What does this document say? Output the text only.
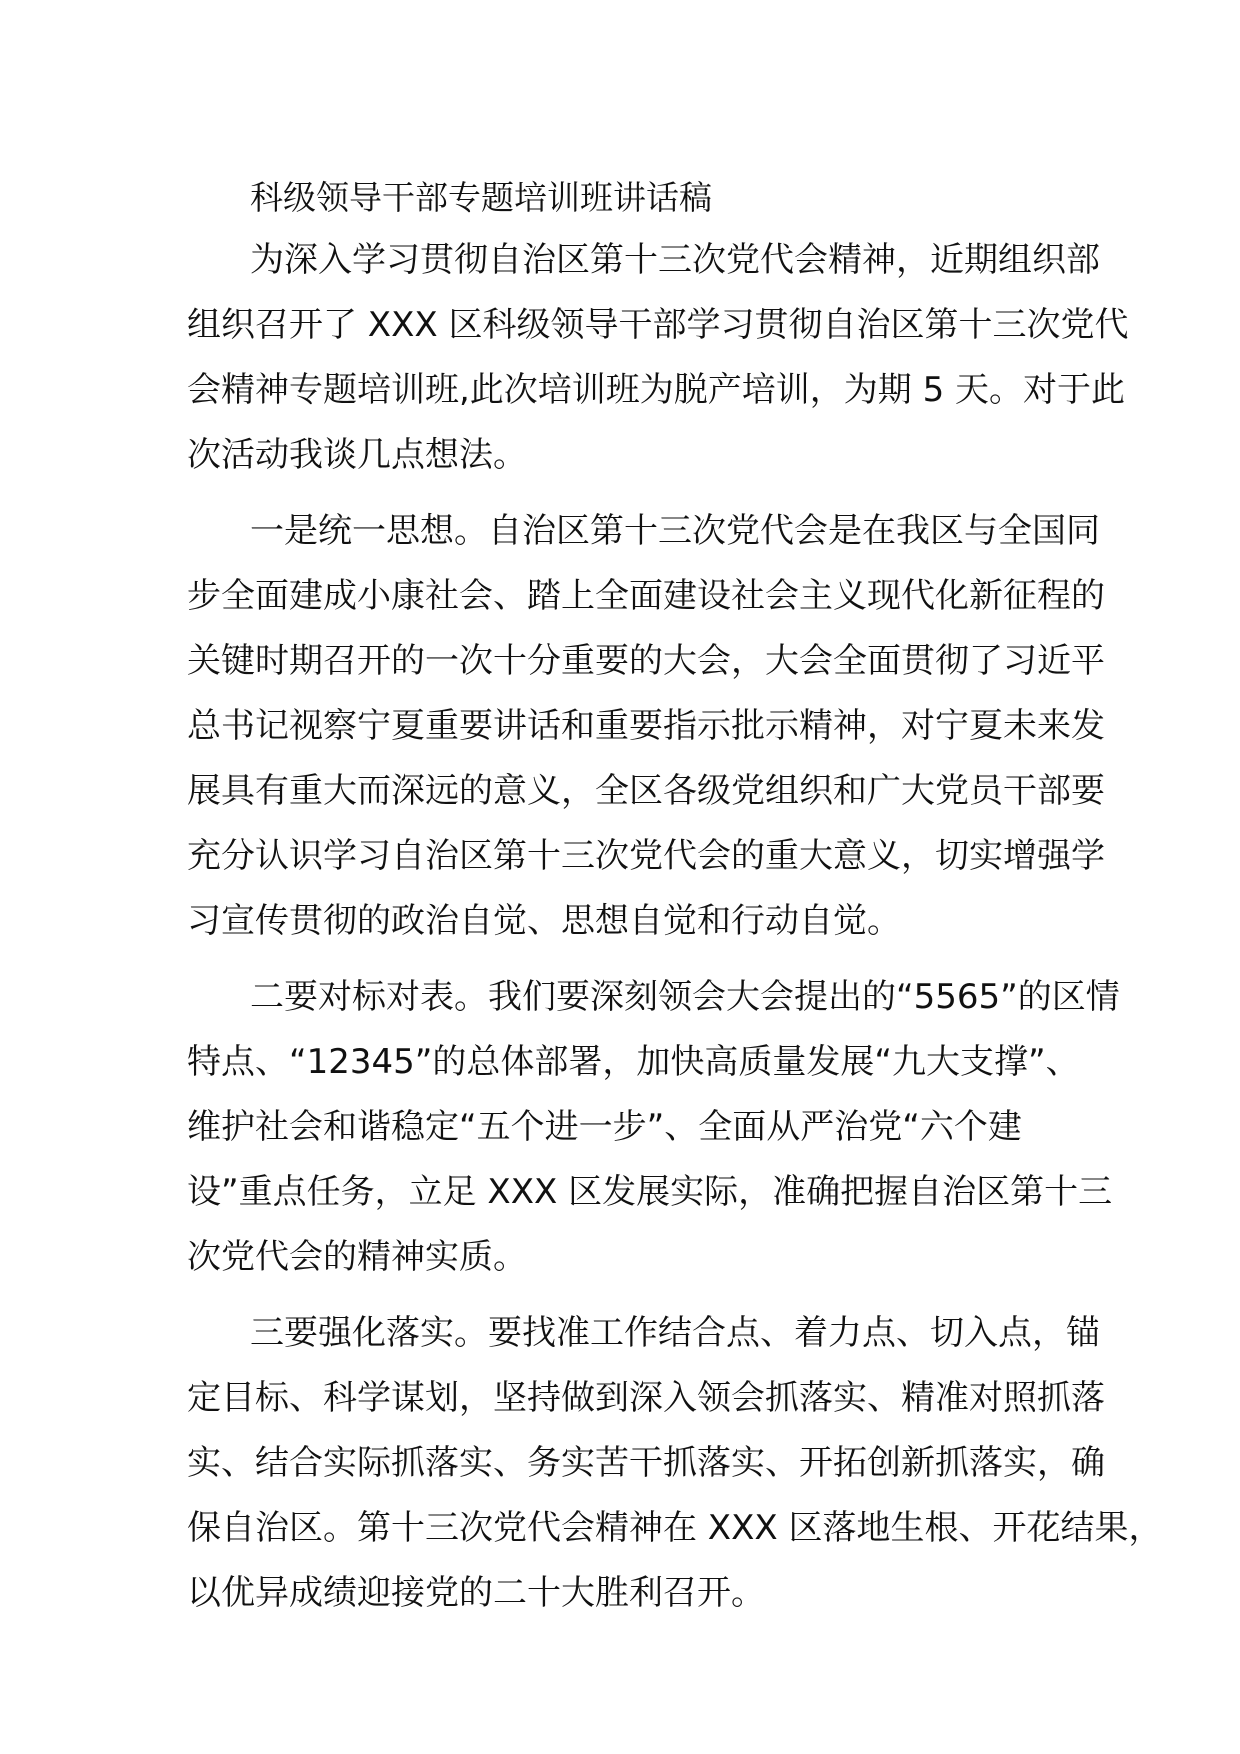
科级领导干部专题培训班讲话稿
为深入学习贯彻自治区第十三次党代会精神，近期组织部
组织召开了 XXX 区科级领导干部学习贯彻自治区第十三次党代
会精神专题培训班,此次培训班为脱产培训，为期 5 天。对于此
次活动我谈几点想法。
一是统一思想。自治区第十三次党代会是在我区与全国同
步全面建成小康社会、踏上全面建设社会主义现代化新征程的
关键时期召开的一次十分重要的大会，大会全面贯彻了习近平
总书记视察宁夏重要讲话和重要指示批示精神，对宁夏未来发
展具有重大而深远的意义，全区各级党组织和广大党员干部要
充分认识学习自治区第十三次党代会的重大意义，切实增强学
习宣传贯彻的政治自觉、思想自觉和行动自觉。
二要对标对表。我们要深刻领会大会提出的“5565”的区情
特点、“12345”的总体部署，加快高质量发展“九大支撑”、
维护社会和谐稳定“五个进一步”、全面从严治党“六个建
设”重点任务，立足 XXX 区发展实际，准确把握自治区第十三
次党代会的精神实质。
三要强化落实。要找准工作结合点、着力点、切入点，锚
定目标、科学谋划，坚持做到深入领会抓落实、精准对照抓落
实、结合实际抓落实、务实苦干抓落实、开拓创新抓落实，确
保自治区。第十三次党代会精神在 XXX 区落地生根、开花结果，
以优异成绩迎接党的二十大胜利召开。
